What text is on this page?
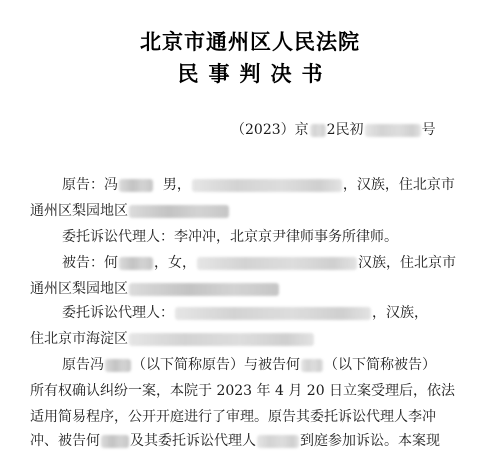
北京市通州区人民法院
民事判决书
（2023）京 2民初	号
原告：冯	男，	，汉族，住北京市
通州区梨园地区
委托诉讼代理人：李冲冲，北京京尹律师事务所律师。
被告：何	，女，	汉族，住北京市
通州区梨园地区
委托诉讼代理人：	，汉族，
住北京市海淀区
原告冯 （以下简称原告）与被告何 （以下简称被告）
所有权确认纠纷一案，本院于 2023 年 4 月 20 日立案受理后，依法
适用简易程序，公开开庭进行了审理。原告其委托诉讼代理人李冲
冲、被告何 及其委托诉讼代理人	到庭参加诉讼。本案现
